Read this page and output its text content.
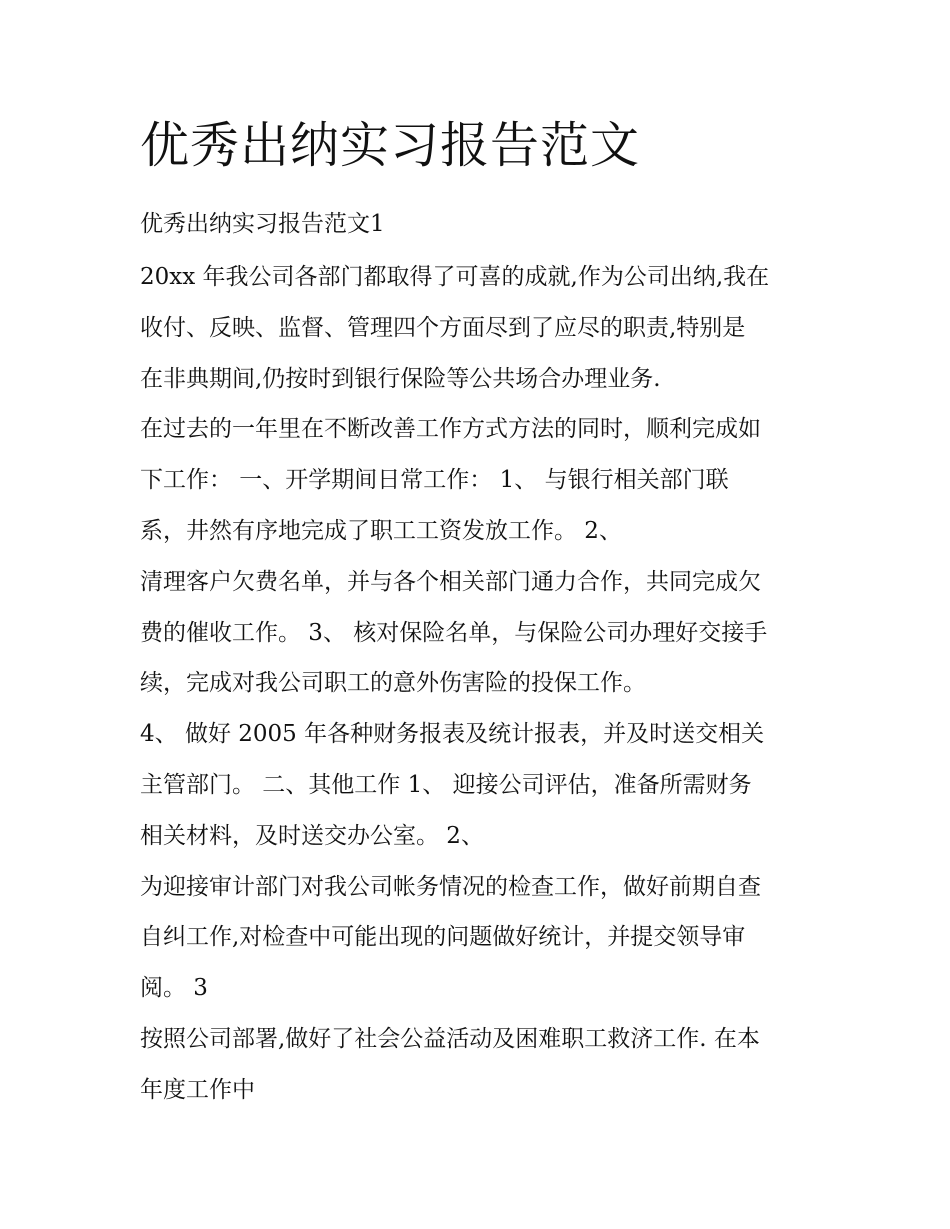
优秀出纳实习报告范文

优秀出纳实习报告范文1

20xx 年我公司各部门都取得了可喜的成就,作为公司出纳,我在
收付、反映、监督、管理四个方面尽到了应尽的职责,特别是
在非典期间,仍按时到银行保险等公共场合办理业务.
在过去的一年里在不断改善工作方式方法的同时，顺利完成如
下工作： 一、开学期间日常工作： 1、 与银行相关部门联
系，井然有序地完成了职工工资发放工作。 2、
清理客户欠费名单，并与各个相关部门通力合作，共同完成欠
费的催收工作。 3、 核对保险名单，与保险公司办理好交接手
续，完成对我公司职工的意外伤害险的投保工作。
4、 做好 2005 年各种财务报表及统计报表，并及时送交相关
主管部门。 二、其他工作 1、 迎接公司评估，准备所需财务
相关材料，及时送交办公室。 2、
为迎接审计部门对我公司帐务情况的检查工作，做好前期自查
自纠工作,对检查中可能出现的问题做好统计，并提交领导审
阅。 3
按照公司部署,做好了社会公益活动及困难职工救济工作. 在本
年度工作中
